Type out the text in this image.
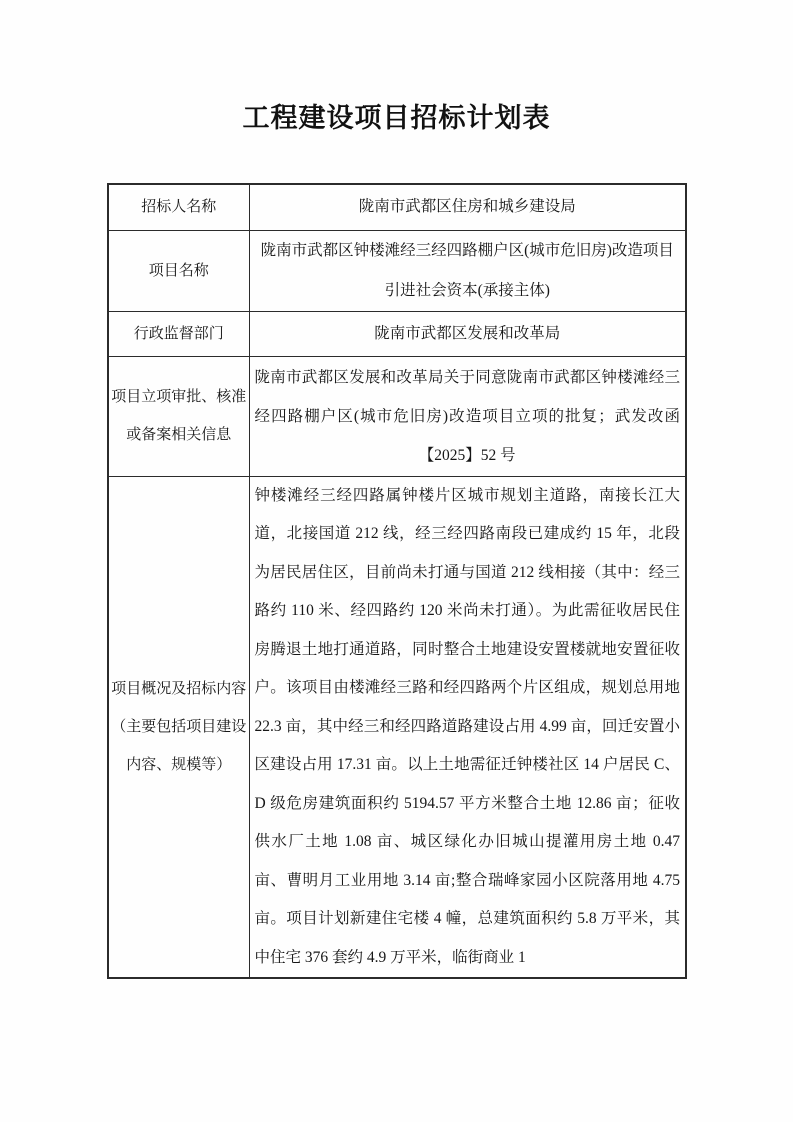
工程建设项目招标计划表
招标人名称	陇南市武都区住房和城乡建设局
项目名称	陇南市武都区钟楼滩经三经四路棚户区(城市危旧房)改造项目引进社会资本(承接主体)
行政监督部门	陇南市武都区发展和改革局
项目立项审批、核准或备案相关信息	陇南市武都区发展和改革局关于同意陇南市武都区钟楼滩经三经四路棚户区(城市危旧房)改造项目立项的批复；武发改函【2025】52 号
项目概况及招标内容（主要包括项目建设内容、规模等）	钟楼滩经三经四路属钟楼片区城市规划主道路，南接长江大道，北接国道 212 线，经三经四路南段已建成约 15 年，北段为居民居住区，目前尚未打通与国道 212 线相接（其中：经三路约 110 米、经四路约 120 米尚未打通）。为此需征收居民住房腾退土地打通道路，同时整合土地建设安置楼就地安置征收户。该项目由楼滩经三路和经四路两个片区组成，规划总用地 22.3 亩，其中经三和经四路道路建设占用 4.99 亩，回迁安置小区建设占用 17.31 亩。以上土地需征迁钟楼社区 14 户居民 C、D 级危房建筑面积约 5194.57 平方米整合土地 12.86 亩；征收供水厂土地 1.08 亩、城区绿化办旧城山提灌用房土地 0.47 亩、曹明月工业用地 3.14 亩;整合瑞峰家园小区院落用地 4.75 亩。项目计划新建住宅楼 4 幢，总建筑面积约 5.8 万平米，其中住宅 376 套约 4.9 万平米，临街商业 1
